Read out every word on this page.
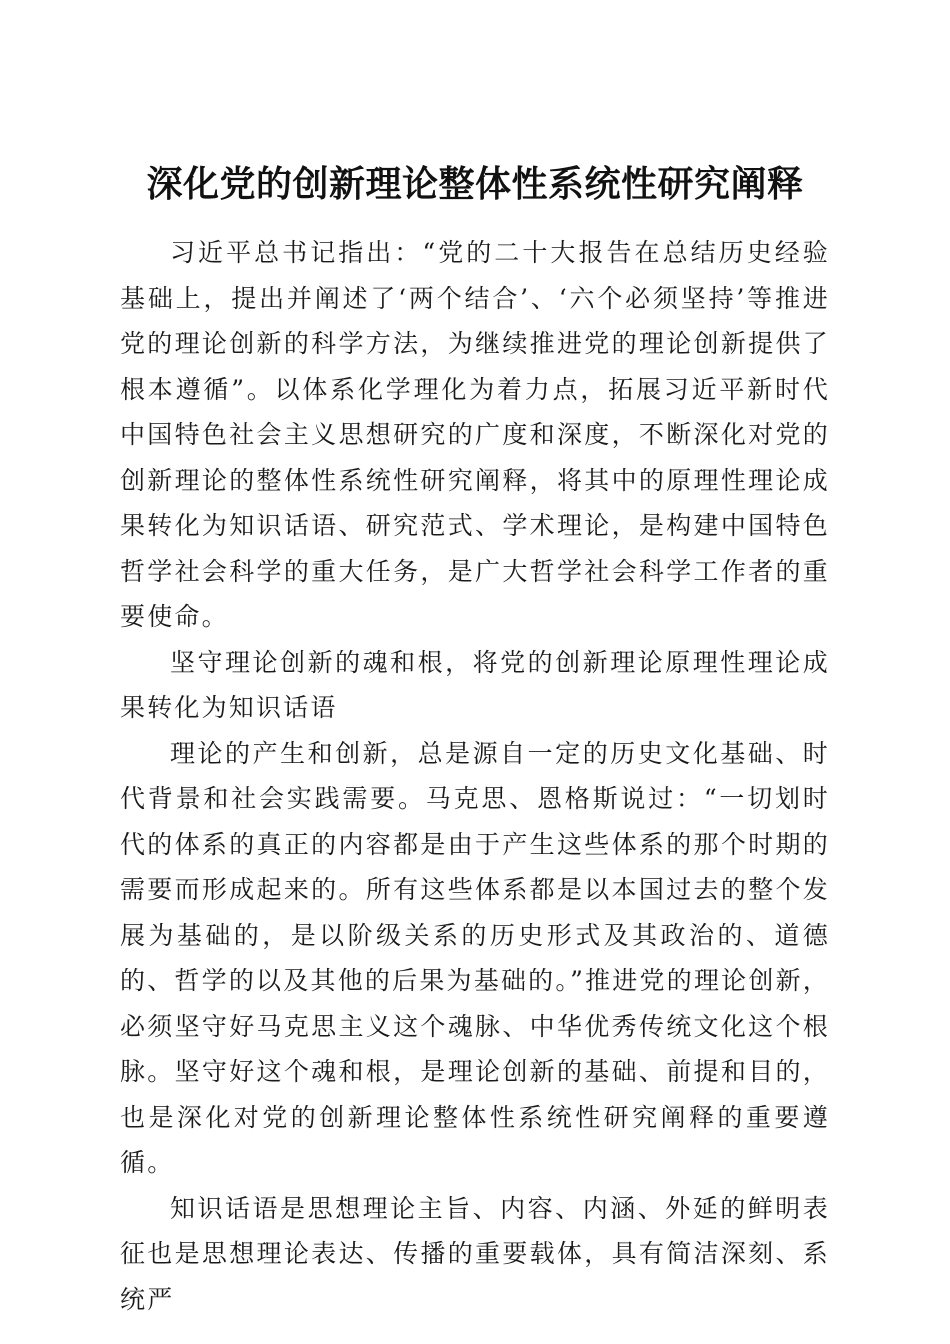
深化党的创新理论整体性系统性研究阐释

习近平总书记指出：“党的二十大报告在总结历史经验基础上，提出并阐述了‘两个结合’、‘六个必须坚持’等推进党的理论创新的科学方法，为继续推进党的理论创新提供了根本遵循”。以体系化学理化为着力点，拓展习近平新时代中国特色社会主义思想研究的广度和深度，不断深化对党的创新理论的整体性系统性研究阐释，将其中的原理性理论成果转化为知识话语、研究范式、学术理论，是构建中国特色哲学社会科学的重大任务，是广大哲学社会科学工作者的重要使命。

坚守理论创新的魂和根，将党的创新理论原理性理论成果转化为知识话语

理论的产生和创新，总是源自一定的历史文化基础、时代背景和社会实践需要。马克思、恩格斯说过：“一切划时代的体系的真正的内容都是由于产生这些体系的那个时期的需要而形成起来的。所有这些体系都是以本国过去的整个发展为基础的，是以阶级关系的历史形式及其政治的、道德的、哲学的以及其他的后果为基础的。”推进党的理论创新，必须坚守好马克思主义这个魂脉、中华优秀传统文化这个根脉。坚守好这个魂和根，是理论创新的基础、前提和目的，也是深化对党的创新理论整体性系统性研究阐释的重要遵循。

知识话语是思想理论主旨、内容、内涵、外延的鲜明表征也是思想理论表达、传播的重要载体，具有简洁深刻、系统严
